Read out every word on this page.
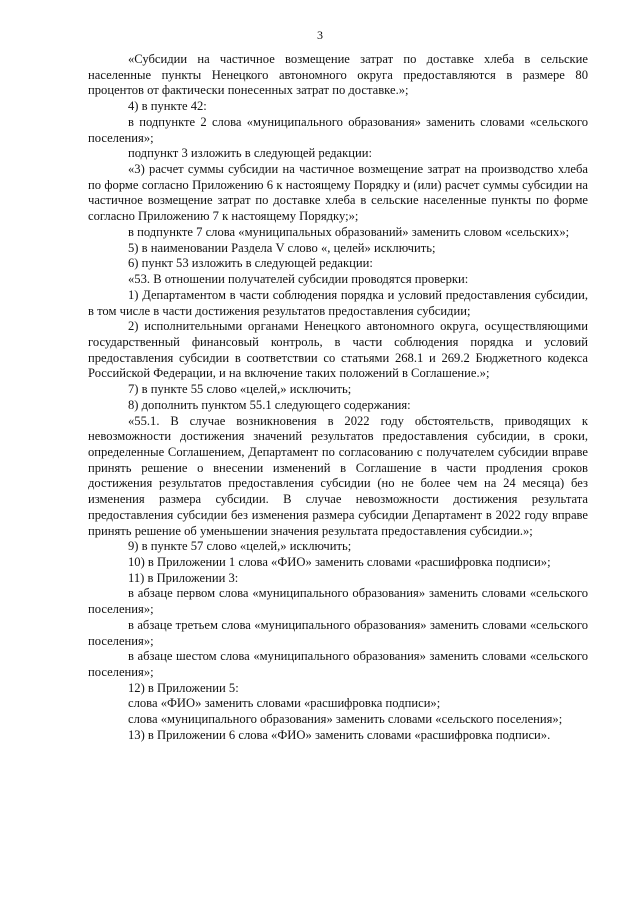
3

«Субсидии на частичное возмещение затрат по доставке хлеба в сельские населенные пункты Ненецкого автономного округа предоставляются в размере 80 процентов от фактически понесенных затрат по доставке.»;

4) в пункте 42:

в подпункте 2 слова «муниципального образования» заменить словами «сельского поселения»;

подпункт 3 изложить в следующей редакции:

«3) расчет суммы субсидии на частичное возмещение затрат на производство хлеба по форме согласно Приложению 6 к настоящему Порядку и (или) расчет суммы субсидии на частичное возмещение затрат по доставке хлеба в сельские населенные пункты по форме согласно Приложению 7 к настоящему Порядку;»;

в подпункте 7 слова «муниципальных образований» заменить словом «сельских»;

5) в наименовании Раздела V слово «, целей» исключить;

6) пункт 53 изложить в следующей редакции:

«53. В отношении получателей субсидии проводятся проверки:

1) Департаментом в части соблюдения порядка и условий предоставления субсидии, в том числе в части достижения результатов предоставления субсидии;

2) исполнительными органами Ненецкого автономного округа, осуществляющими государственный финансовый контроль, в части соблюдения порядка и условий предоставления субсидии в соответствии со статьями 268.1 и 269.2 Бюджетного кодекса Российской Федерации, и на включение таких положений в Соглашение.»;

7) в пункте 55 слово «целей,» исключить;

8) дополнить пунктом 55.1 следующего содержания:

«55.1. В случае возникновения в 2022 году обстоятельств, приводящих к невозможности достижения значений результатов предоставления субсидии, в сроки, определенные Соглашением, Департамент по согласованию с получателем субсидии вправе принять решение о внесении изменений в Соглашение в части продления сроков достижения результатов предоставления субсидии (но не более чем на 24 месяца) без изменения размера субсидии. В случае невозможности достижения результата предоставления субсидии без изменения размера субсидии Департамент в 2022 году вправе принять решение об уменьшении значения результата предоставления субсидии.»;

9) в пункте 57 слово «целей,» исключить;

10) в Приложении 1 слова «ФИО» заменить словами «расшифровка подписи»;

11) в Приложении 3:

в абзаце первом слова «муниципального образования» заменить словами «сельского поселения»;

в абзаце третьем слова «муниципального образования» заменить словами «сельского поселения»;

в абзаце шестом слова «муниципального образования» заменить словами «сельского поселения»;

12) в Приложении 5:

слова «ФИО» заменить словами «расшифровка подписи»;

слова «муниципального образования» заменить словами «сельского поселения»;

13) в Приложении 6 слова «ФИО» заменить словами «расшифровка подписи».
